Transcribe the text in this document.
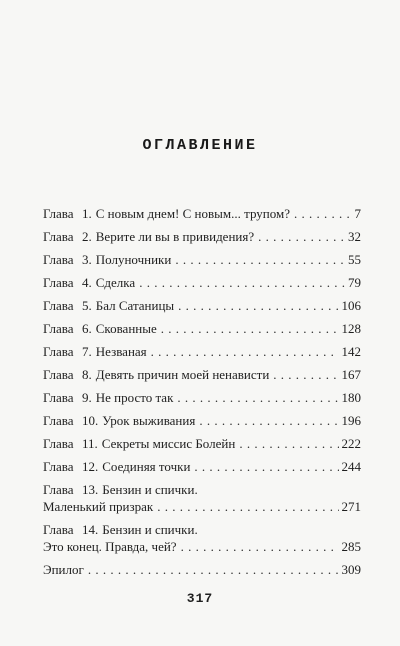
ОГЛАВЛЕНИЕ
Глава 1. С новым днем! С новым... трупом? . . .	7
Глава 2. Верите ли вы в привидения? . . .	32
Глава 3. Полуночники . . .	55
Глава 4. Сделка . . .	79
Глава 5. Бал Сатаницы . . .	106
Глава 6. Скованные . . .	128
Глава 7. Незваная . . .	142
Глава 8. Девять причин моей ненависти . . .	167
Глава 9. Не просто так . . .	180
Глава 10. Урок выживания . . .	196
Глава 11. Секреты миссис Болейн . . .	222
Глава 12. Соединяя точки . . .	244
Глава 13. Бензин и спички.
Маленький призрак . . .	271
Глава 14. Бензин и спички.
Это конец. Правда, чей? . . .	285
Эпилог . . .	309
317
